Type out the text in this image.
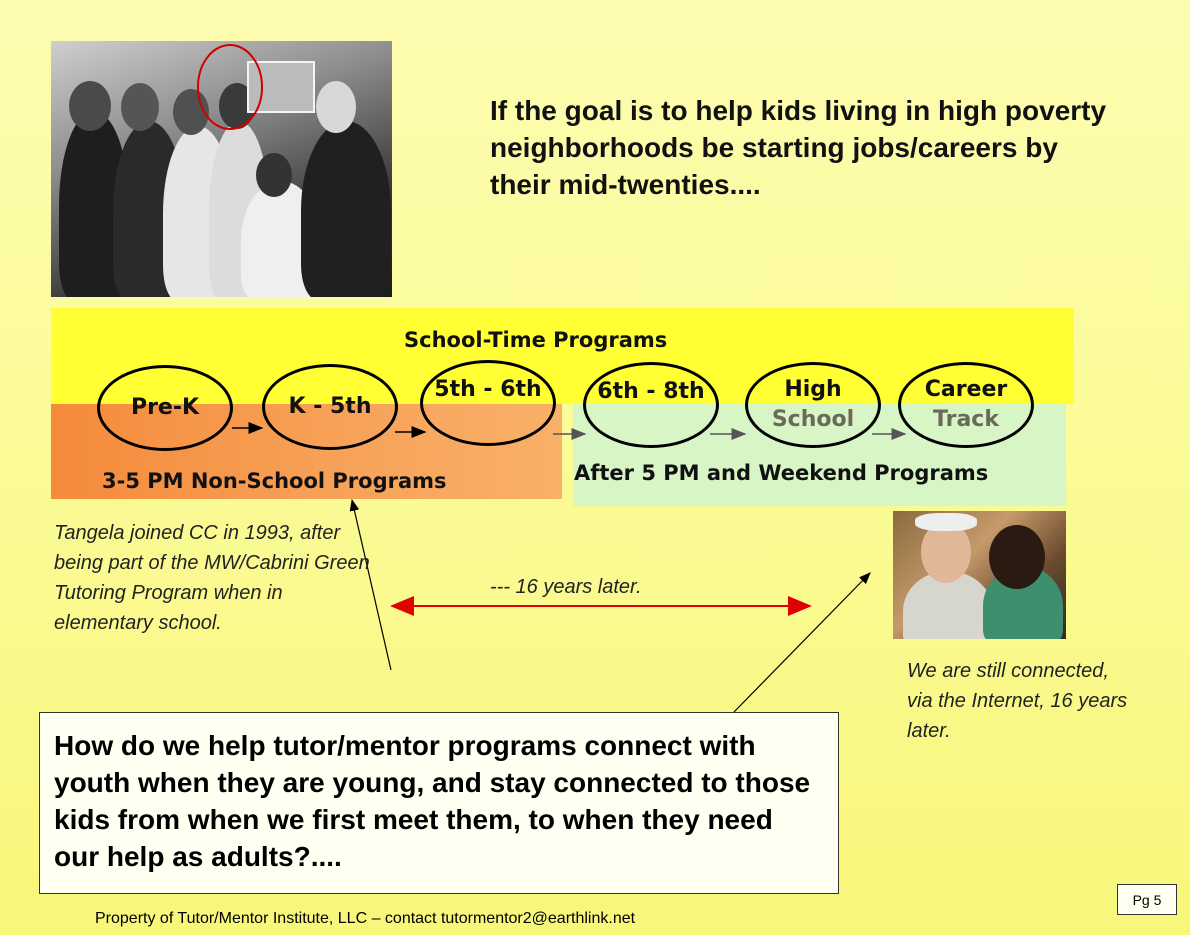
If the goal is to help kids living in high poverty neighborhoods be starting jobs/careers by their mid-twenties....
School-Time Programs
3-5 PM Non-School Programs	After 5 PM and Weekend Programs
Pre-K	K - 5th
5th - 6th	6th - 8th	High
School
Career
Track
Tangela joined CC in 1993, after being part of the MW/Cabrini Green Tutoring Program when in elementary school.
--- 16 years later.
We are still connected, via the Internet, 16 years later.
How do we help tutor/mentor programs connect with youth when they are young, and stay connected to those kids from when we first meet them, to when they need our help as adults?....
Pg 5
Property of Tutor/Mentor Institute, LLC – contact tutormentor2@earthlink.net
